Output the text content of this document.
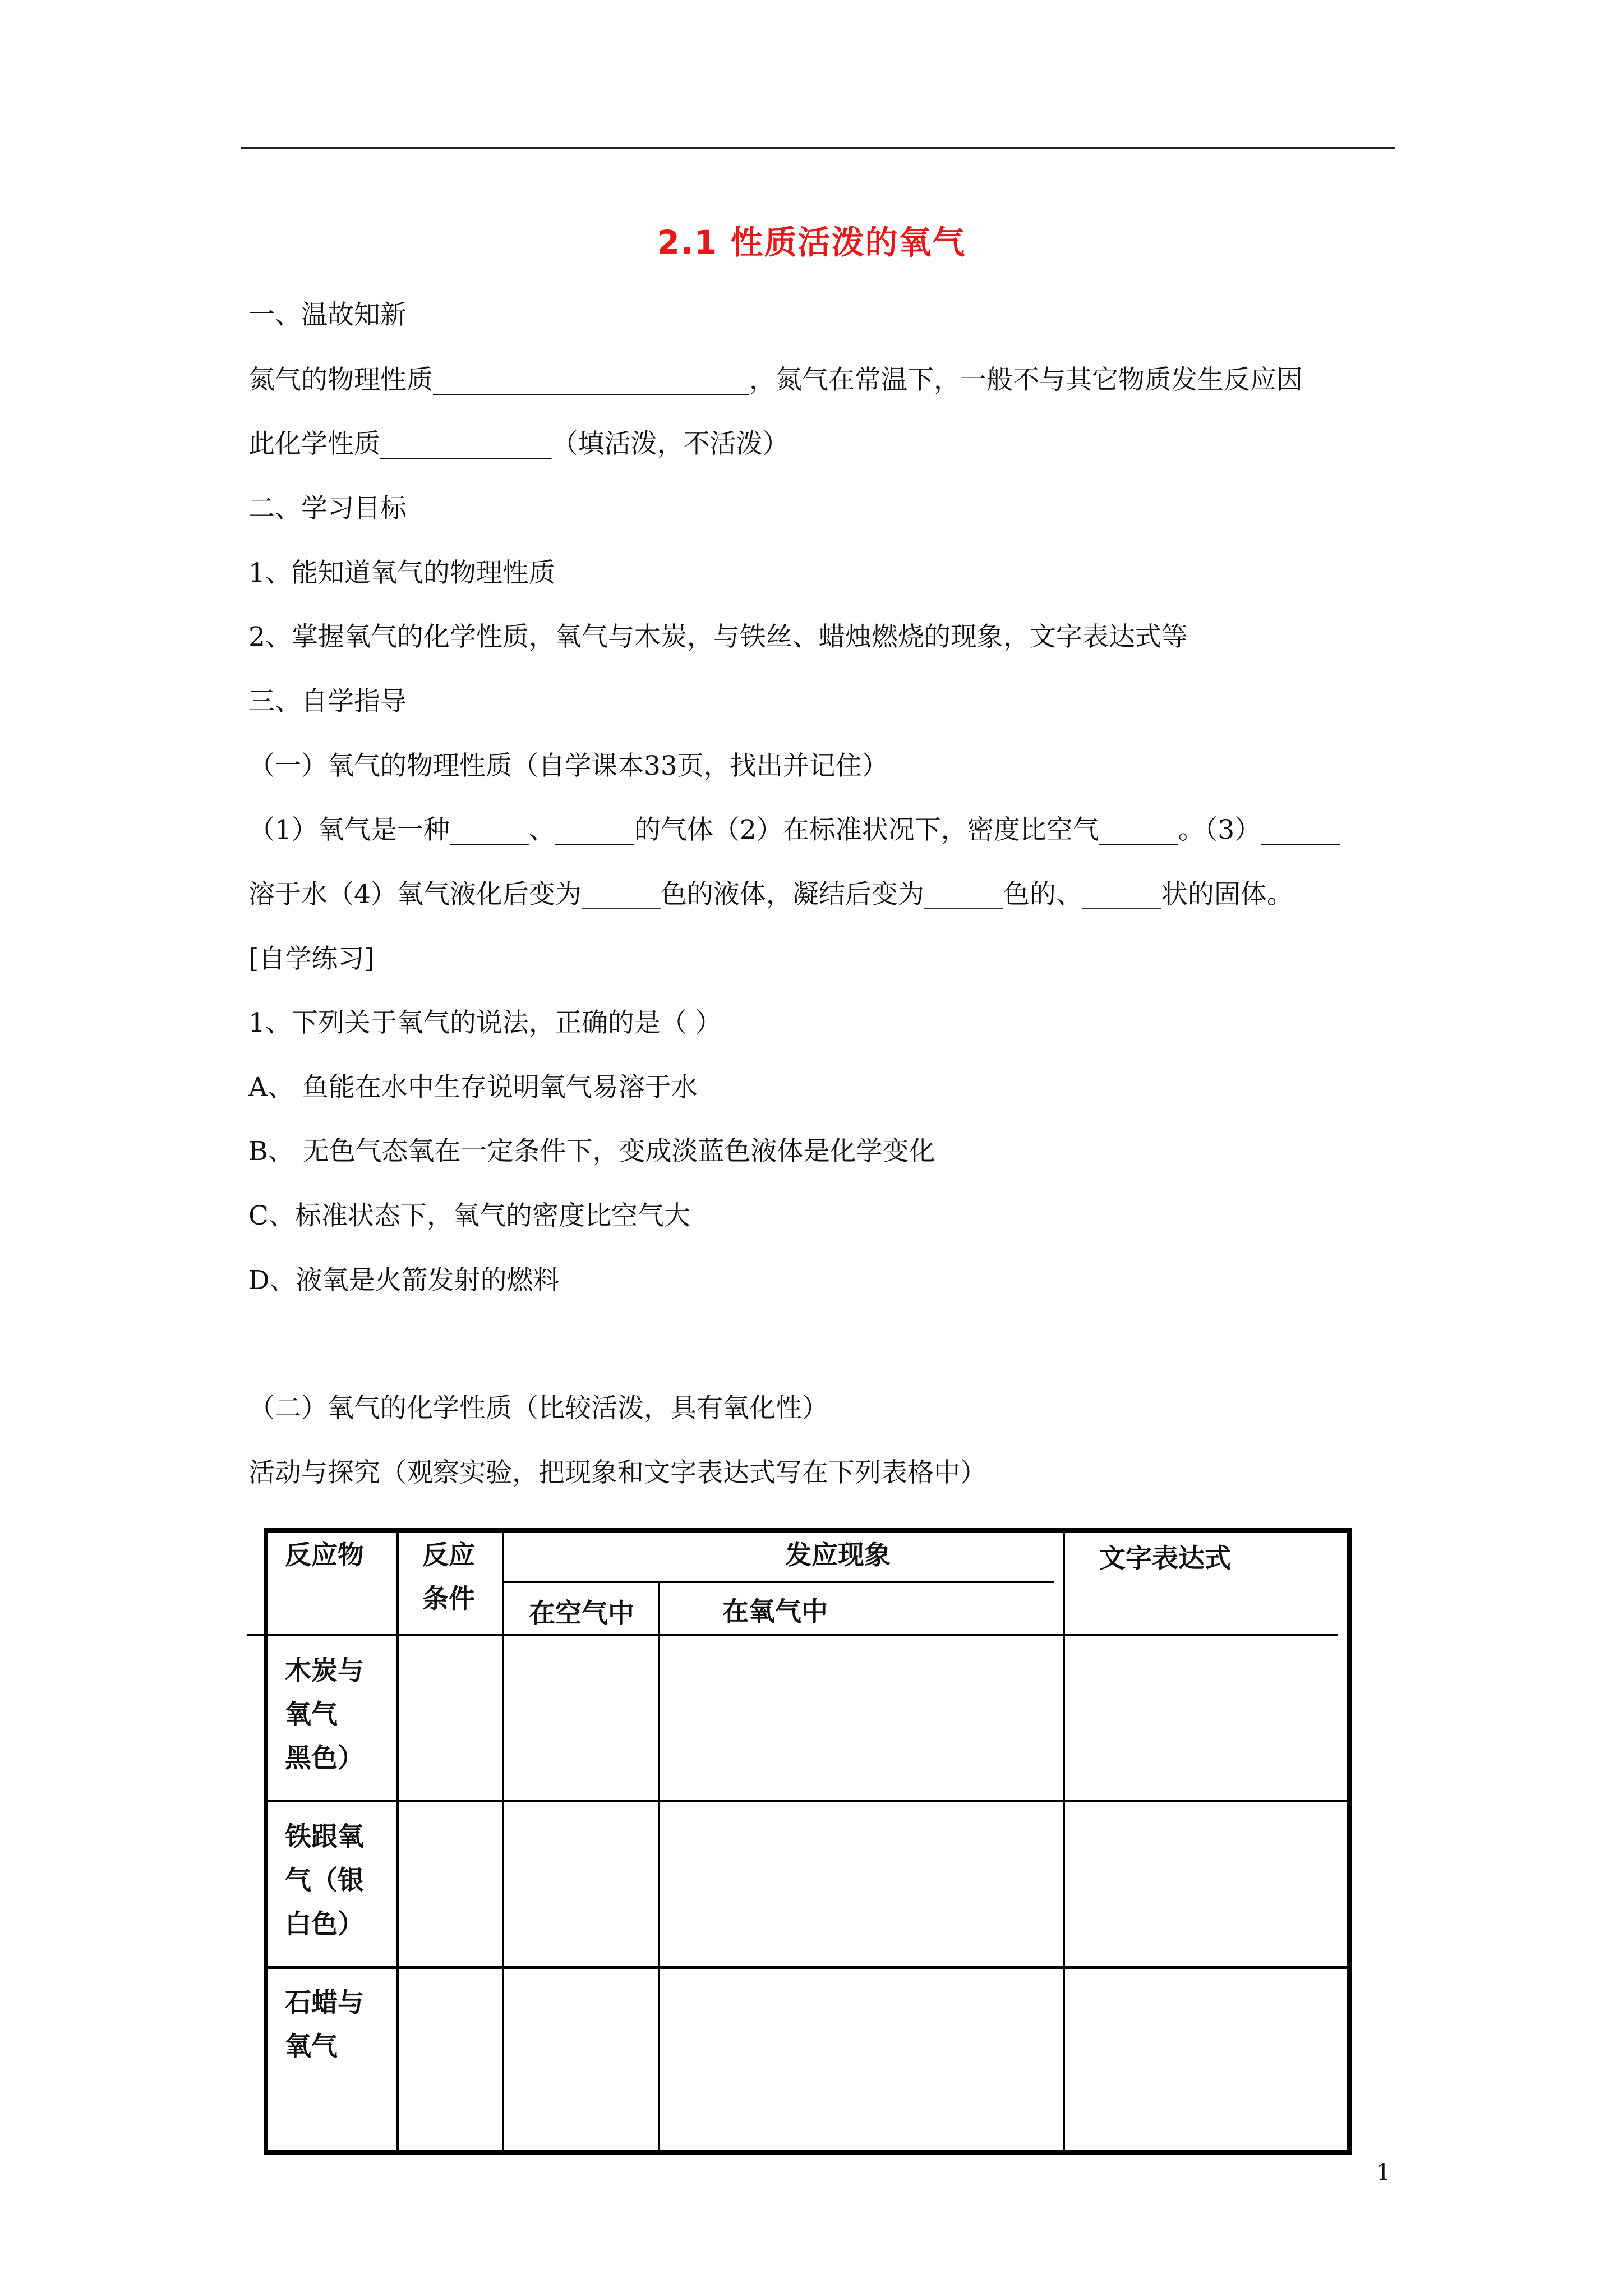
2.1 性质活泼的氧气
一、温故知新
氮气的物理性质________________________，氮气在常温下，一般不与其它物质发生反应因
此化学性质_____________（填活泼，不活泼）
二、学习目标
1、能知道氧气的物理性质
2、掌握氧气的化学性质，氧气与木炭，与铁丝、蜡烛燃烧的现象，文字表达式等
三、自学指导
（一）氧气的物理性质（自学课本33页，找出并记住）
（1）氧气是一种______、______的气体（2）在标准状况下，密度比空气______。（3）______
溶于水（4）氧气液化后变为______色的液体，凝结后变为______色的、______状的固体。
[自学练习]
1、下列关于氧气的说法，正确的是（ ）
A、 鱼能在水中生存说明氧气易溶于水
B、 无色气态氧在一定条件下，变成淡蓝色液体是化学变化
C、标准状态下，氧气的密度比空气大
D、液氧是火箭发射的燃料
（二）氧气的化学性质（比较活泼，具有氧化性）
活动与探究（观察实验，把现象和文字表达式写在下列表格中）
反应物 反应
条件
发应现象
在空气中	在氧气中
文字表达式
木炭与
氧气
黑色）
铁跟氧
气（银
白色）
石蜡与
氧气
1
